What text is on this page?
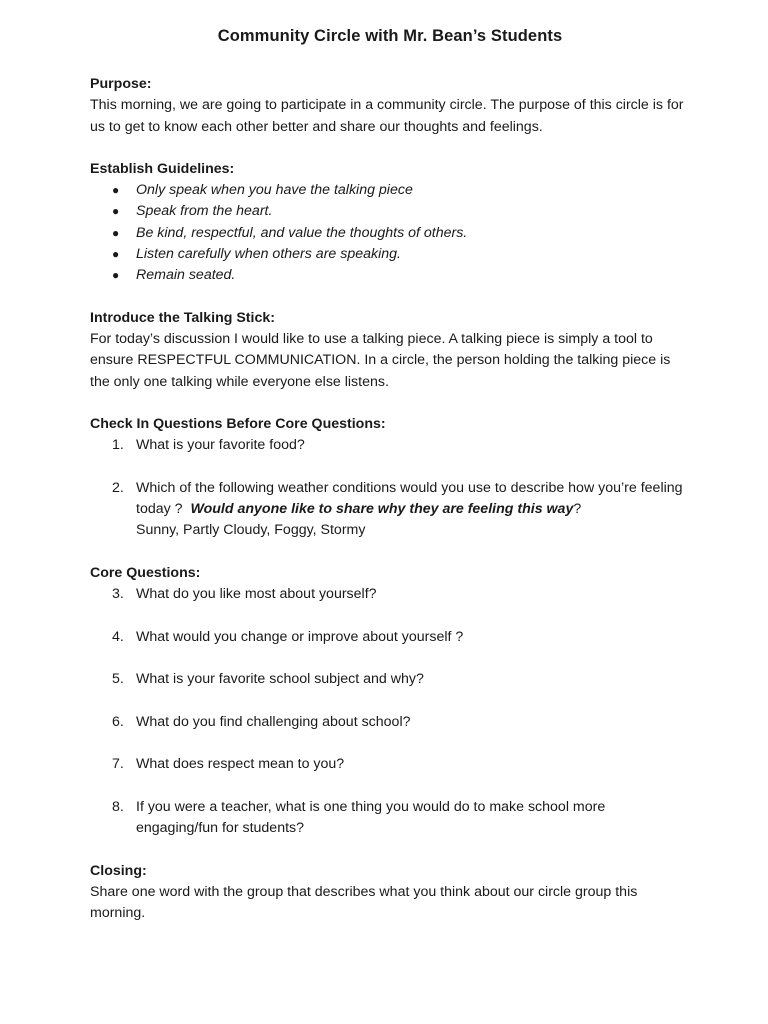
Community Circle with Mr. Bean’s Students
Purpose:
This morning, we are going to participate in a community circle. The purpose of this circle is for us to get to know each other better and share our thoughts and feelings.
Establish Guidelines:
● Only speak when you have the talking piece
● Speak from the heart.
● Be kind, respectful, and value the thoughts of others.
● Listen carefully when others are speaking.
● Remain seated.
Introduce the Talking Stick:
For today’s discussion I would like to use a talking piece. A talking piece is simply a tool to ensure RESPECTFUL COMMUNICATION. In a circle, the person holding the talking piece is the only one talking while everyone else listens.
Check In Questions Before Core Questions:
1. What is your favorite food?
2. Which of the following weather conditions would you use to describe how you’re feeling today ? Would anyone like to share why they are feeling this way?
Sunny, Partly Cloudy, Foggy, Stormy
Core Questions:
3. What do you like most about yourself?
4. What would you change or improve about yourself ?
5. What is your favorite school subject and why?
6. What do you find challenging about school?
7. What does respect mean to you?
8. If you were a teacher, what is one thing you would do to make school more engaging/fun for students?
Closing:
Share one word with the group that describes what you think about our circle group this morning.
